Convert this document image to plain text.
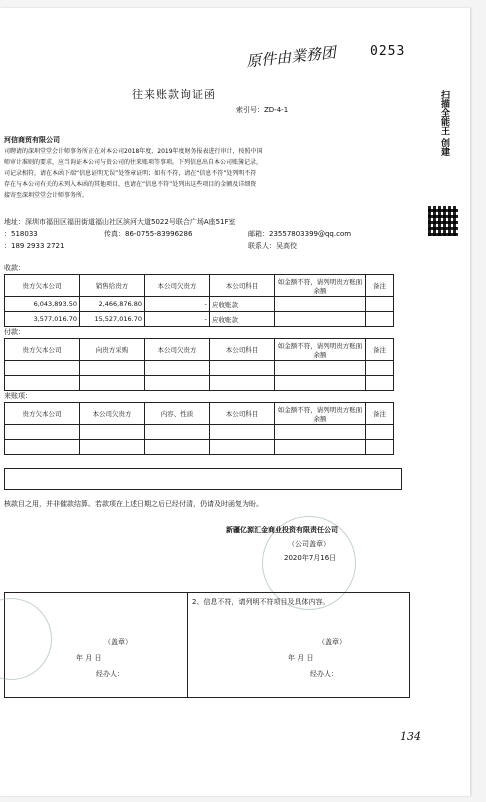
原件由業務团	0253
往来账款询证函
索引号：ZD-4-1	扫描全能王 创建
河信商贸有限公司
司聘请的深圳堂堂会计师事务所正在对本公司2018年度、2019年度财务报表进行审计，按照中国
师审计准则的要求，应当询证本公司与贵公司的往来账项等事项。下列信息出自本公司账簿记录，
司记录相符，请在本函下端“信息证明无误”处签章证明；如有不符，请在“信息不符”处列明不符
存在与本公司有关的未列入本函的其他项目，也请在“信息不符”处列出这些项目的金额及详细资
接寄至深圳堂堂会计师事务所。
地址：深圳市福田区福田街道福山社区滨河大道5022号联合广场A座51F室
：518033	传真：86-0755-83996286	邮箱：23557803399@qq.com
：189 2933 2721	联系人：吴高佼
收款：
贵方欠本公司	销售给贵方	本公司欠贵方	本公司科目	如金额不符，请列明贵方账面余额	备注
6,043,893.50	2,466,876.80	-	应收账款		
3,577,016.70	15,527,016.70	-	应收账款		
付款：
贵方欠本公司	向贵方采购	本公司欠贵方	本公司科目	如金额不符，请列明贵方账面余额	备注

来账项：
贵方欠本公司	本公司欠贵方	内容、性质	本公司科目	如金额不符，请列明贵方账面余额	备注

核款目之用，并非催款结算。若款项在上述日期之后已经付清，仍请及时函复为盼。
新疆亿源汇金商业投资有限责任公司
（公司盖章）
2020年7月16日
2、信息不符，请列明不符项目及具体内容。
（盖章）
年 月 日
经办人：
（盖章）
年 月 日
经办人：
134
